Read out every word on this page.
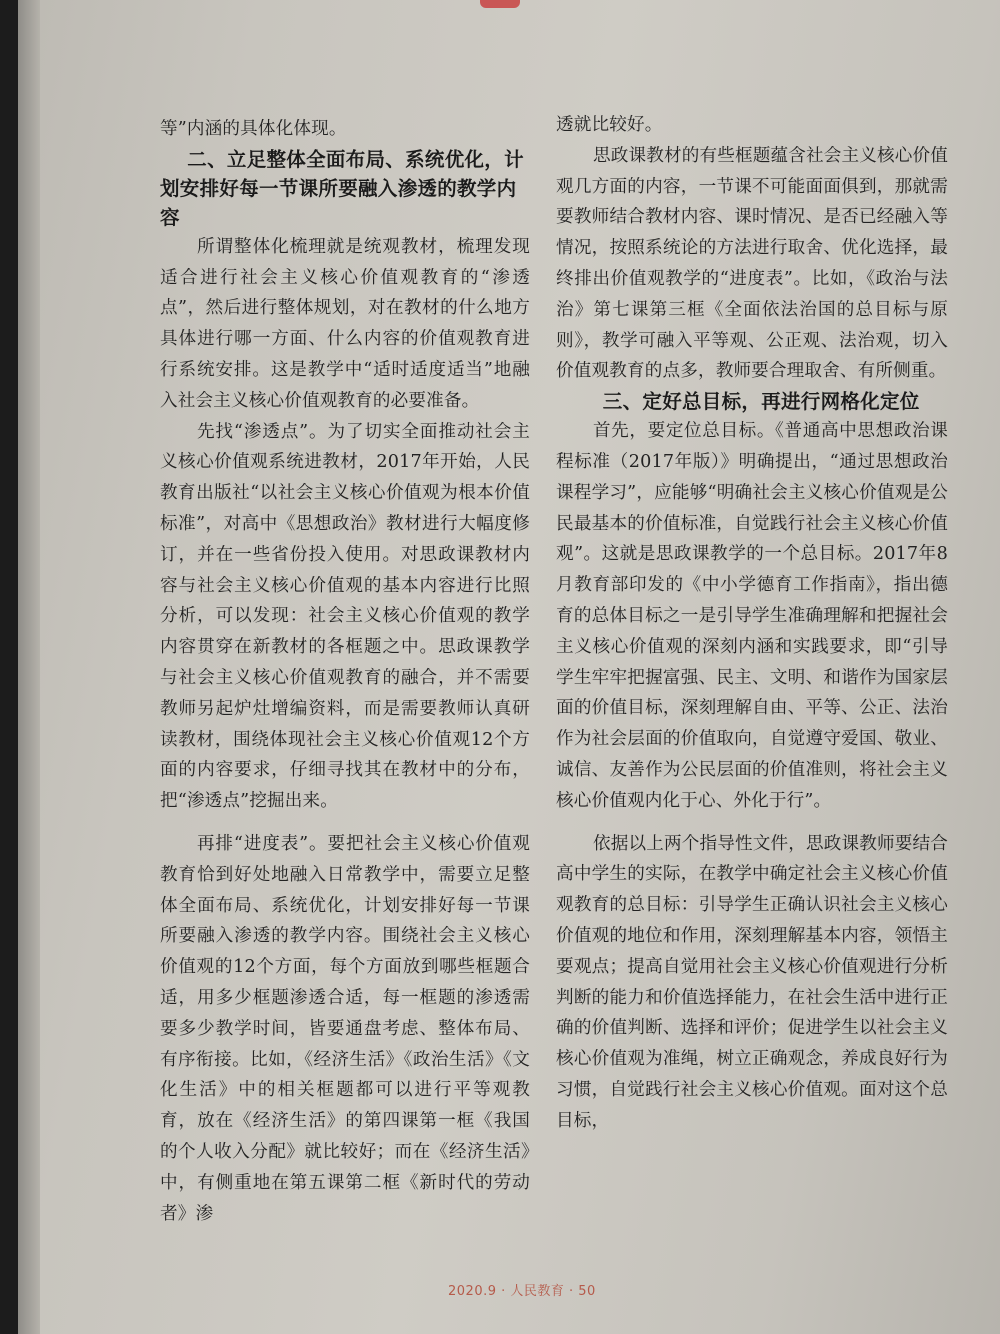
等”内涵的具体化体现。

二、立足整体全面布局、系统优化，计划安排好每一节课所要融入渗透的教学内容

所谓整体化梳理就是统观教材，梳理发现适合进行社会主义核心价值观教育的“渗透点”，然后进行整体规划，对在教材的什么地方具体进行哪一方面、什么内容的价值观教育进行系统安排。这是教学中“适时适度适当”地融入社会主义核心价值观教育的必要准备。

先找“渗透点”。为了切实全面推动社会主义核心价值观系统进教材，2017年开始，人民教育出版社“以社会主义核心价值观为根本价值标准”，对高中《思想政治》教材进行大幅度修订，并在一些省份投入使用。对思政课教材内容与社会主义核心价值观的基本内容进行比照分析，可以发现：社会主义核心价值观的教学内容贯穿在新教材的各框题之中。思政课教学与社会主义核心价值观教育的融合，并不需要教师另起炉灶增编资料，而是需要教师认真研读教材，围绕体现社会主义核心价值观12个方面的内容要求，仔细寻找其在教材中的分布，把“渗透点”挖掘出来。

再排“进度表”。要把社会主义核心价值观教育恰到好处地融入日常教学中，需要立足整体全面布局、系统优化，计划安排好每一节课所要融入渗透的教学内容。围绕社会主义核心价值观的12个方面，每个方面放到哪些框题合适，用多少框题渗透合适，每一框题的渗透需要多少教学时间，皆要通盘考虑、整体布局、有序衔接。比如，《经济生活》《政治生活》《文化生活》中的相关框题都可以进行平等观教育，放在《经济生活》的第四课第一框《我国的个人收入分配》就比较好；而在《经济生活》中，有侧重地在第五课第二框《新时代的劳动者》渗

透就比较好。

思政课教材的有些框题蕴含社会主义核心价值观几方面的内容，一节课不可能面面俱到，那就需要教师结合教材内容、课时情况、是否已经融入等情况，按照系统论的方法进行取舍、优化选择，最终排出价值观教学的“进度表”。比如，《政治与法治》第七课第三框《全面依法治国的总目标与原则》，教学可融入平等观、公正观、法治观，切入价值观教育的点多，教师要合理取舍、有所侧重。

三、定好总目标，再进行网格化定位

首先，要定位总目标。《普通高中思想政治课程标准（2017年版）》明确提出，“通过思想政治课程学习”，应能够“明确社会主义核心价值观是公民最基本的价值标准，自觉践行社会主义核心价值观”。这就是思政课教学的一个总目标。2017年8月教育部印发的《中小学德育工作指南》，指出德育的总体目标之一是引导学生准确理解和把握社会主义核心价值观的深刻内涵和实践要求，即“引导学生牢牢把握富强、民主、文明、和谐作为国家层面的价值目标，深刻理解自由、平等、公正、法治作为社会层面的价值取向，自觉遵守爱国、敬业、诚信、友善作为公民层面的价值准则，将社会主义核心价值观内化于心、外化于行”。

依据以上两个指导性文件，思政课教师要结合高中学生的实际，在教学中确定社会主义核心价值观教育的总目标：引导学生正确认识社会主义核心价值观的地位和作用，深刻理解基本内容，领悟主要观点；提高自觉用社会主义核心价值观进行分析判断的能力和价值选择能力，在社会生活中进行正确的价值判断、选择和评价；促进学生以社会主义核心价值观为准绳，树立正确观念，养成良好行为习惯，自觉践行社会主义核心价值观。面对这个总目标，

2020.9 · 人民教育 · 50
